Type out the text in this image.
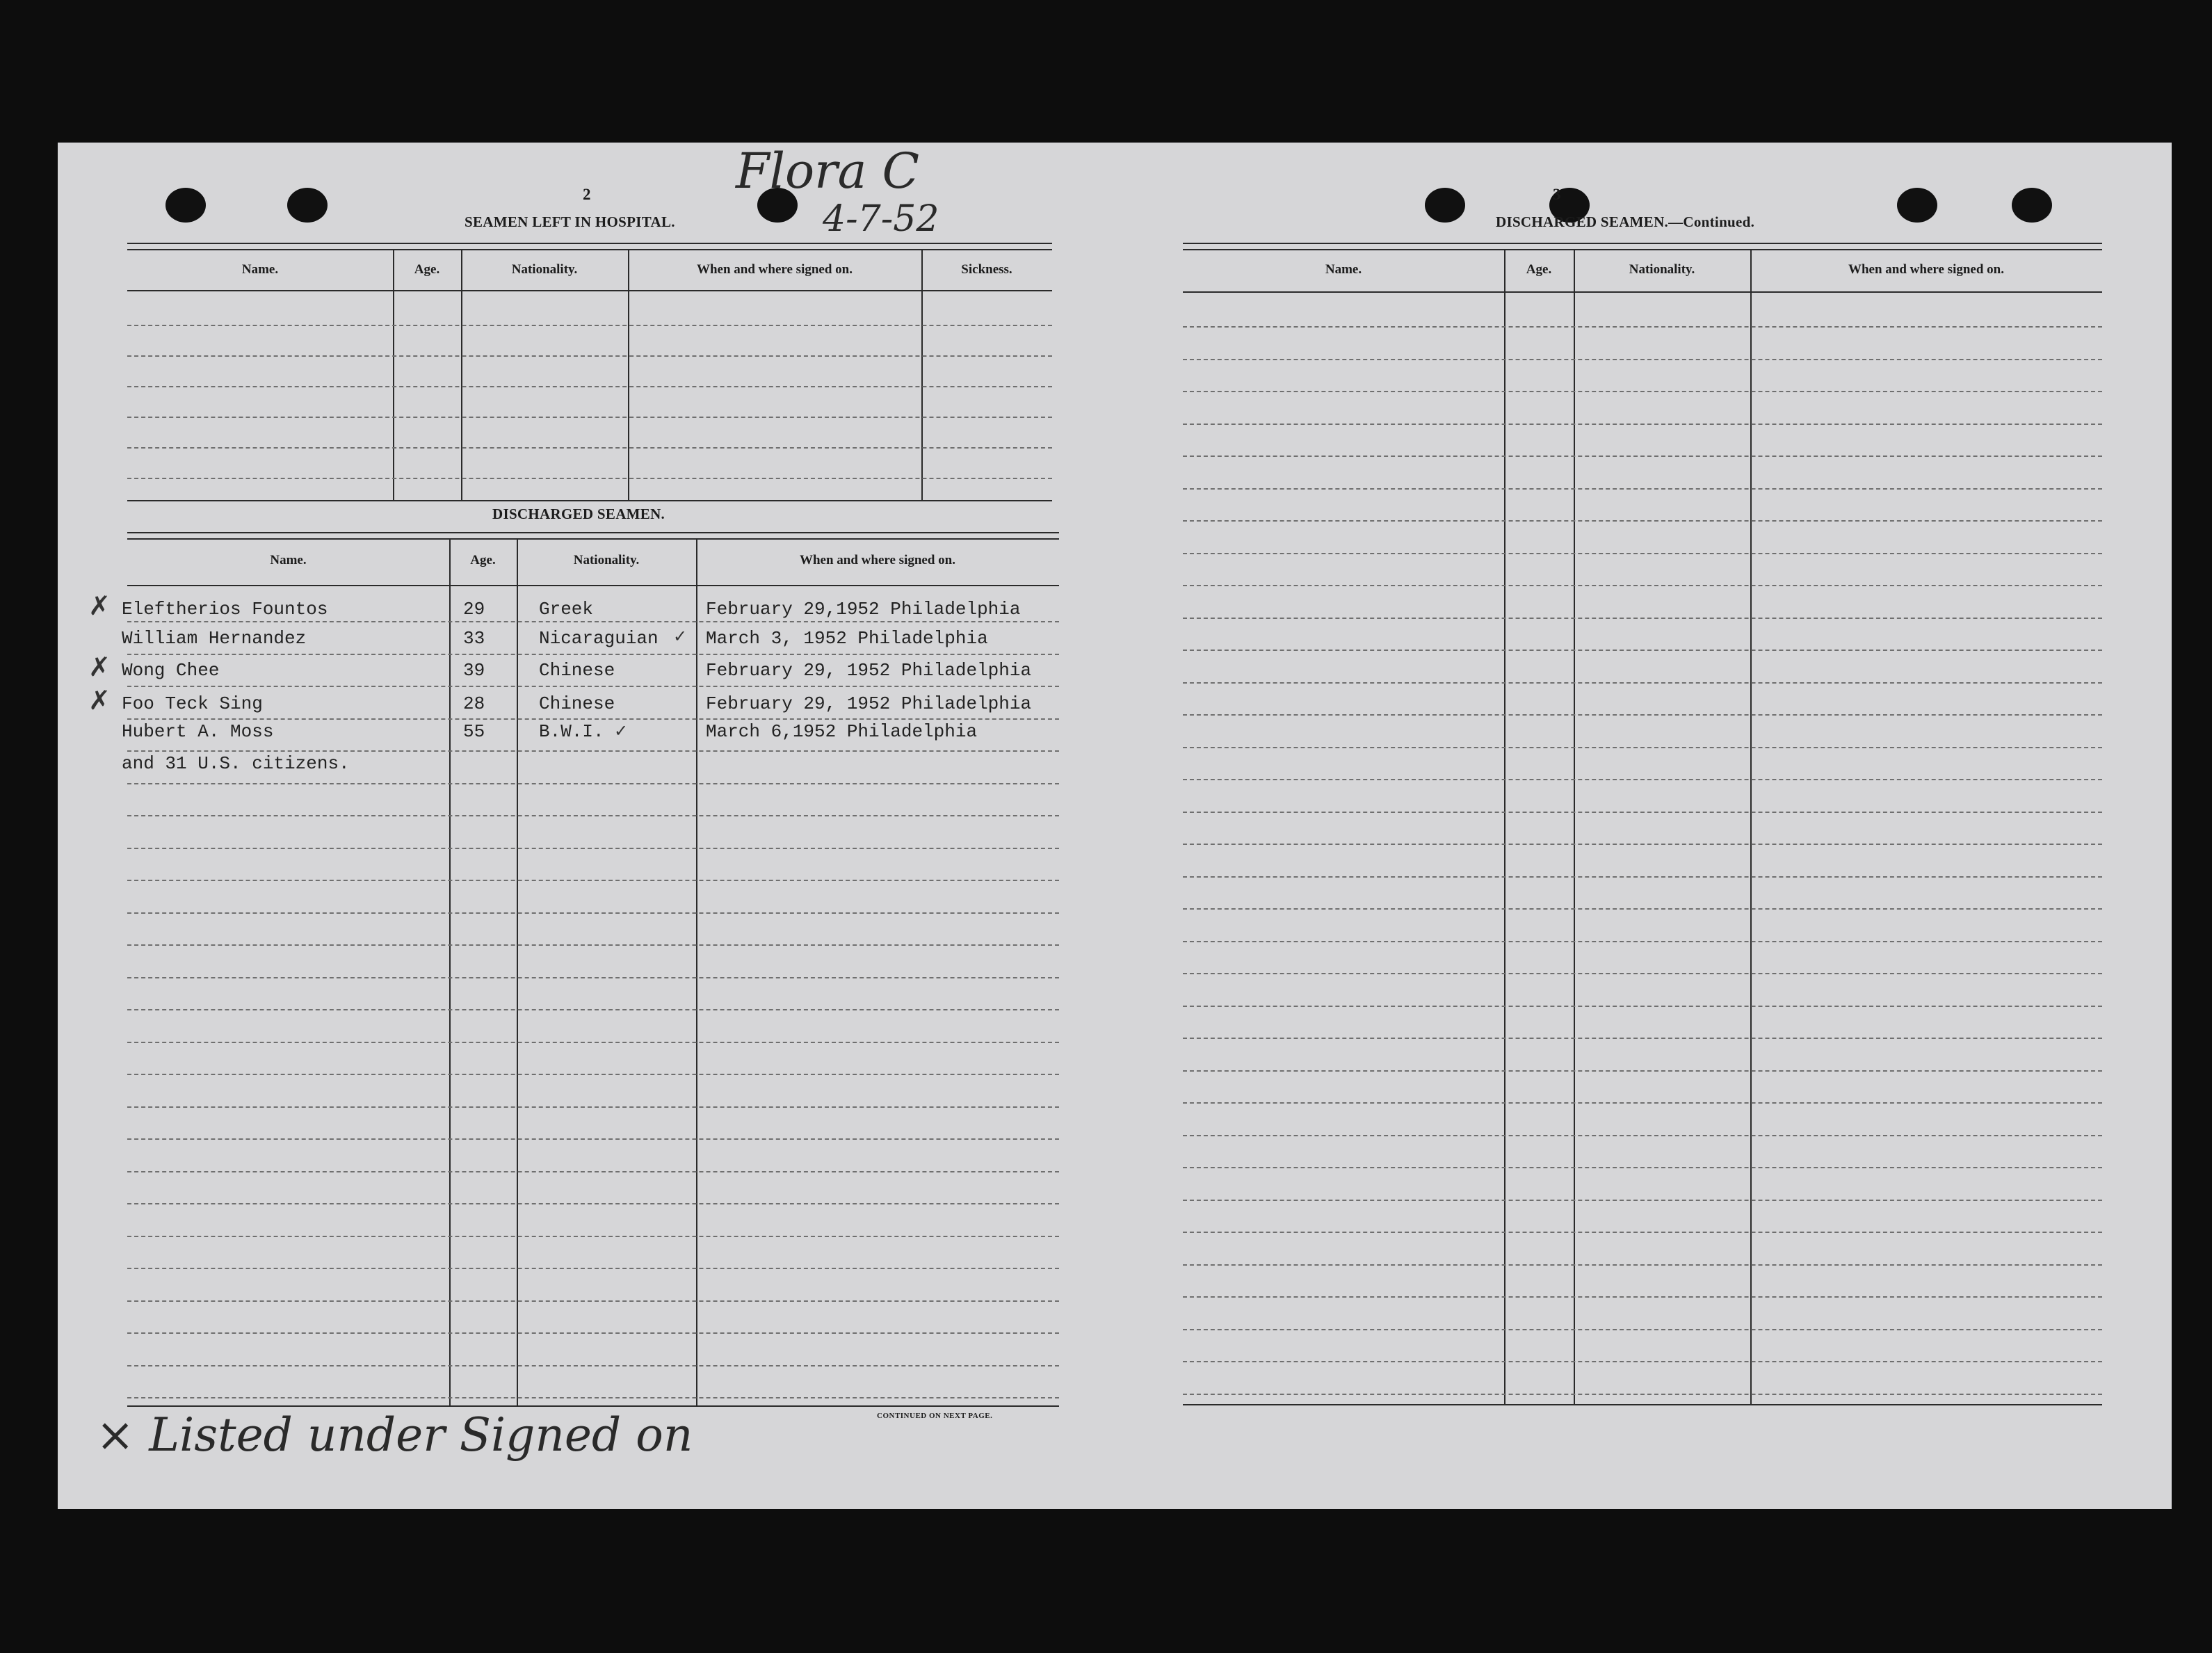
Flora C
4-7-52
2
SEAMEN LEFT IN HOSPITAL.
Name.	Age.	Nationality.	When and where signed on.	Sickness.
DISCHARGED SEAMEN.
Name.	Age.	Nationality.	When and where signed on.
Eleftherios Fountos	29	Greek	February 29,1952 Philadelphia
William Hernandez	33	Nicaraguian	March 3, 1952 Philadelphia
Wong Chee	39	Chinese	February 29, 1952 Philadelphia
Foo Teck Sing	28	Chinese	February 29, 1952 Philadelphia
Hubert A. Moss	55	B.W.I.	March 6,1952 Philadelphia
and 31 U.S. citizens.
✗
✗
✗
✓
✓
CONTINUED ON NEXT PAGE.
× Listed under Signed on
3
DISCHARGED SEAMEN.—Continued.
Name.	Age.	Nationality.	When and where signed on.
